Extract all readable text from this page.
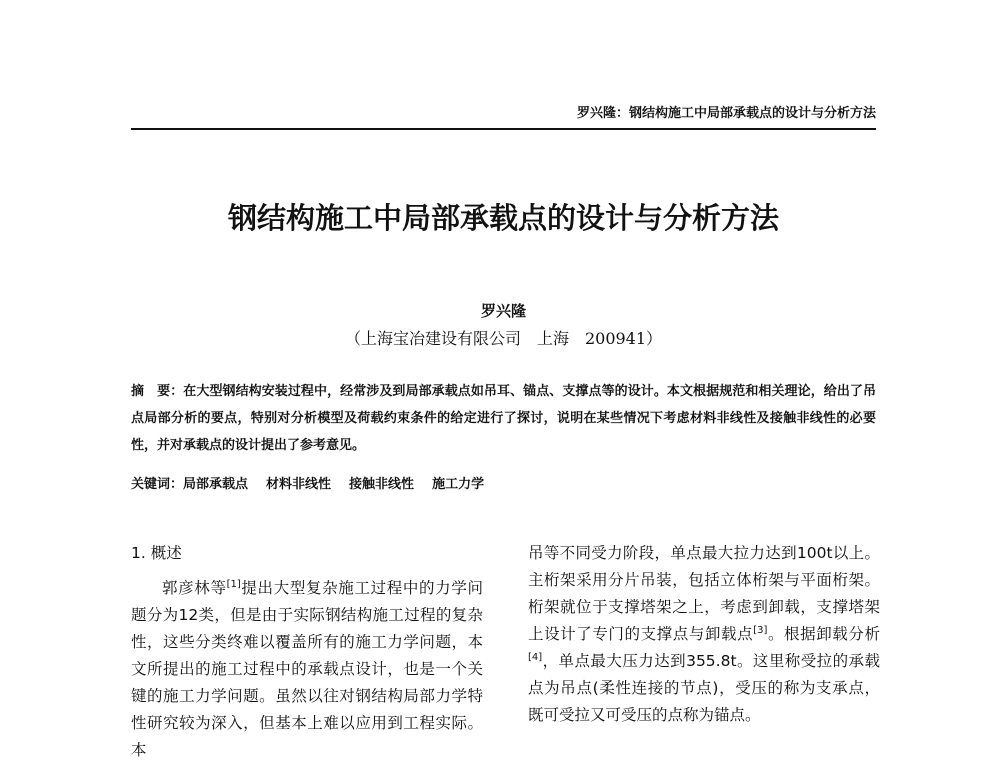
罗兴隆：钢结构施工中局部承载点的设计与分析方法
钢结构施工中局部承载点的设计与分析方法
罗兴隆
（上海宝冶建设有限公司　上海　200941）

摘　要：在大型钢结构安装过程中，经常涉及到局部承载点如吊耳、锚点、支撑点等的设计。本文根据规范和相关理论，给出了吊点局部分析的要点，特别对分析模型及荷载约束条件的给定进行了探讨，说明在某些情况下考虑材料非线性及接触非线性的必要性，并对承载点的设计提出了参考意见。

关键词：局部承载点 材料非线性 接触非线性 施工力学

1. 概述

郭彦林等[1]提出大型复杂施工过程中的力学问题分为12类，但是由于实际钢结构施工过程的复杂性，这些分类终难以覆盖所有的施工力学问题，本文所提出的施工过程中的承载点设计，也是一个关键的施工力学问题。虽然以往对钢结构局部力学特性研究较为深入，但基本上难以应用到工程实际。本

吊等不同受力阶段，单点最大拉力达到100t以上。主桁架采用分片吊装，包括立体桁架与平面桁架。桁架就位于支撑塔架之上，考虑到卸载，支撑塔架上设计了专门的支撑点与卸载点[3]。根据卸载分析[4]，单点最大压力达到355.8t。这里称受拉的承载点为吊点(柔性连接的节点)，受压的称为支承点，既可受拉又可受压的点称为锚点。
